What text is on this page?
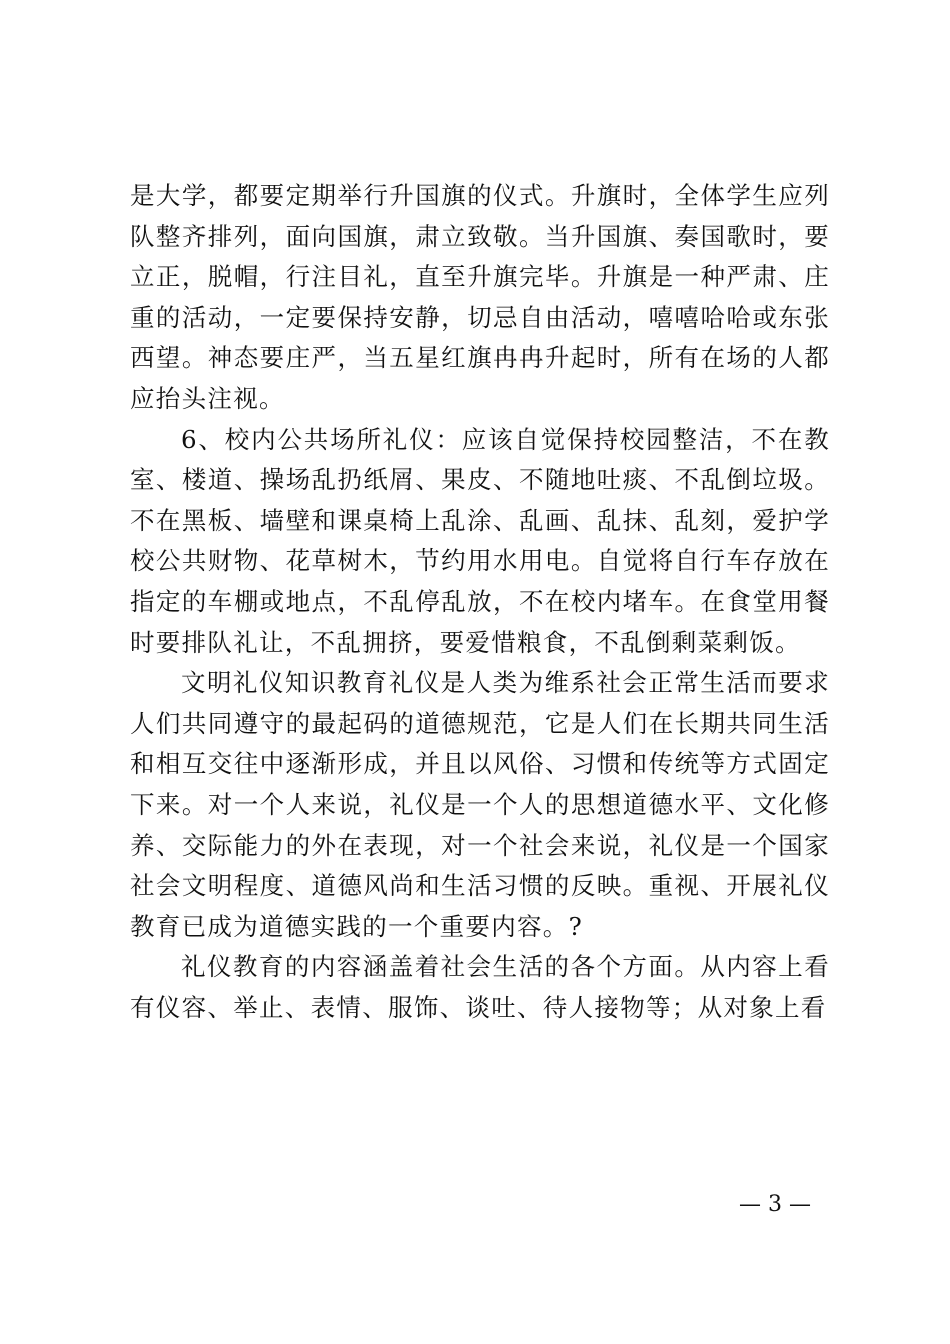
是大学，都要定期举行升国旗的仪式。升旗时，全体学生应列队整齐排列，面向国旗，肃立致敬。当升国旗、奏国歌时，要立正，脱帽，行注目礼，直至升旗完毕。升旗是一种严肃、庄重的活动，一定要保持安静，切忌自由活动，嘻嘻哈哈或东张西望。神态要庄严，当五星红旗冉冉升起时，所有在场的人都应抬头注视。

6、校内公共场所礼仪：应该自觉保持校园整洁，不在教室、楼道、操场乱扔纸屑、果皮、不随地吐痰、不乱倒垃圾。不在黑板、墙壁和课桌椅上乱涂、乱画、乱抹、乱刻，爱护学校公共财物、花草树木，节约用水用电。自觉将自行车存放在指定的车棚或地点，不乱停乱放，不在校内堵车。在食堂用餐时要排队礼让，不乱拥挤，要爱惜粮食，不乱倒剩菜剩饭。

文明礼仪知识教育礼仪是人类为维系社会正常生活而要求人们共同遵守的最起码的道德规范，它是人们在长期共同生活和相互交往中逐渐形成，并且以风俗、习惯和传统等方式固定下来。对一个人来说，礼仪是一个人的思想道德水平、文化修养、交际能力的外在表现，对一个社会来说，礼仪是一个国家社会文明程度、道德风尚和生活习惯的反映。重视、开展礼仪教育已成为道德实践的一个重要内容。?

礼仪教育的内容涵盖着社会生活的各个方面。从内容上看有仪容、举止、表情、服饰、谈吐、待人接物等；从对象上看

— 3 —
